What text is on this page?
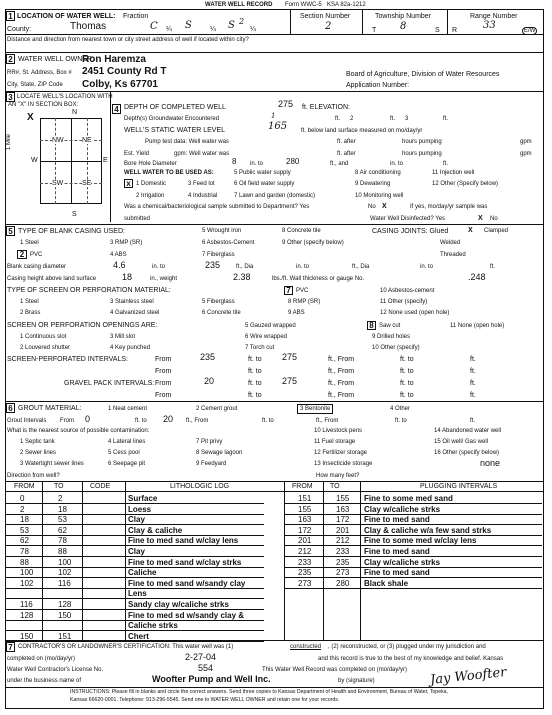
WATER WELL RECORD Form WWC-5 KSA 82a-1212
1 LOCATION OF WATER WELL:
County:	Thomas
Fraction
C ¼ S	¼ S 2
¼
Section Number
2
Township Number
T 8	S
Range Number
R	33	E/W
Distance and direction from nearest town or city street address of well if located within city?
2 WATER WELL OWNER:
Ron Haremza
RR#, St. Address, Box # 2451 County Rd T
City, State, ZIP Code Colby, Ks 67701
Board of Agriculture, Division of Water Resources
Application Number:
3 LOCATE WELL'S LOCATION WITH
AN "X" IN SECTION BOX:
X	N
S
W	E
NW	NE
SW	SE
1 Mile
4 DEPTH OF COMPLETED WELL	275 ft. ELEVATION:
Depth(s) Groundwater Encountered	1	ft. 2	ft. 3	ft.
WELL'S STATIC WATER LEVEL	165 ft. below land surface measured on mo/day/yr
Pump test data: Well water was	ft. after	hours pumping	gpm
Est. Yield	gpm: Well water was	ft. after	hours pumping	gpm
Bore Hole Diameter	8 in. to	280	ft., and	in. to	ft.
WELL WATER TO BE USED AS:	5 Public water supply	8 Air conditioning	11 Injection well
x 1 Domestic	3 Feed lot	6 Oil field water supply	9 Dewatering	12 Other (Specify below)
2 Irrigation	4 Industrial	7 Lawn and garden (domestic)	10 Monitoring well
Was a chemical/bacteriological sample submitted to Department? Yes	No X	If yes, mo/day/yr sample was
submitted	Water Well Disinfected? Yes	X No
5 TYPE OF BLANK CASING USED:	5 Wrought iron	8 Concrete tile	CASING JOINTS: Glued	X Clamped
1 Steel	3 RMP (SR)	6 Asbestos-Cement	9 Other (specify below)	Welded
2 PVC	4 ABS	7 Fiberglass	Threaded
Blank casing diameter	4.6	in. to	235	ft., Dia	in. to	ft., Dia	in. to	ft.
Casing height above land surface	18	in., weight	2.38	lbs./ft. Wall thickness or gauge No.	.248
TYPE OF SCREEN OR PERFORATION MATERIAL:	7 PVC	10 Asbestos-cement
1 Steel	3 Stainless steel	5 Fiberglass	8 RMP (SR)	11 Other (specify)
2 Brass	4 Galvanized steel	6 Concrete tile	9 ABS	12 None used (open hole)
SCREEN OR PERFORATION OPENINGS ARE:	5 Gauzed wrapped	8 Saw cut	11 None (open hole)
1 Continuous slot	3 Mill slot	6 Wire wrapped	9 Drilled holes
2 Louvered shutter	4 Key punched	7 Torch cut	10 Other (specify)
SCREEN-PERFORATED INTERVALS:	From	235	ft. to 275	ft., From	ft. to	ft.
From	ft. to	ft., From	ft. to	ft.
GRAVEL PACK INTERVALS: From	20	ft. to 275	ft., From	ft. to	ft.
From	ft. to	ft., From	ft. to	ft.
6 GROUT MATERIAL:	1 Neat cement	2 Cement grout	3 Bentonite	4 Other
Grout Intervals From 0	ft. to 20 ft., From	ft. to	ft., From	ft. to	ft.
What is the nearest source of possible contamination:	10 Livestock pens	14 Abandoned water well
1 Septic tank	4 Lateral lines	7 Pit privy	11 Fuel storage	15 Oil well/ Gas well
2 Sewer lines	5 Cess pool	8 Sewage lagoon	12 Fertilizer storage	16 Other (specify below)
3 Watertight sewer lines	6 Seepage pit	9 Feedyard	13 Insecticide storage	none
Direction from well?	How many feet?
FROM	TO	CODE	LITHOLOGIC LOG	FROM TO	PLUGGING INTERVALS
0	2	Surface
2	18	Loess
18	53	Clay
53	62	Clay & caliche
62	78	Fine to med sand w/clay lens
78	88	Clay
88	100	Fine to med sand w/clay strks
100	102	Caliche
102	116	Fine to med sand w/sandy clay
Lens
116	128	Sandy clay w/caliche strks
128	150	Fine to med sd w/sandy clay &
Caliche strks
150	151	Chert
151	155 Fine to some med sand
155	163 Clay w/caliche strks
163	172 Fine to med sand
172	201 Clay & caliche w/a few sand strks
201	212 Fine to some med w/clay lens
212	233 Fine to med sand
233	235 Clay w/caliche strks
235	273 Fine to med sand
273	280 Black shale
7 CONTRACTOR'S OR LANDOWNER'S CERTIFICATION: This water well was (1)	constructed , (2) reconstructed, or (3) plugged under my jurisdiction and
completed on (mo/day/yr)	2-27-04	and this record is true to the best of my knowledge and belief. Kansas
Water Well Contractor's License No.	554	This Water Well Record was completed on (mo/day/yr)
under the business name of	Woofter Pump and Well Inc.	by (signature)	Jay Woofter
INSTRUCTIONS: Please fill in blanks and circle the correct answers. Send three copies to Kansas Department of Health and Environment, Bureau of Water, Topeka,
Kansas 66620-0001. Telephone: 913-296-5545. Send one to WATER WELL OWNER and retain one for your records.
